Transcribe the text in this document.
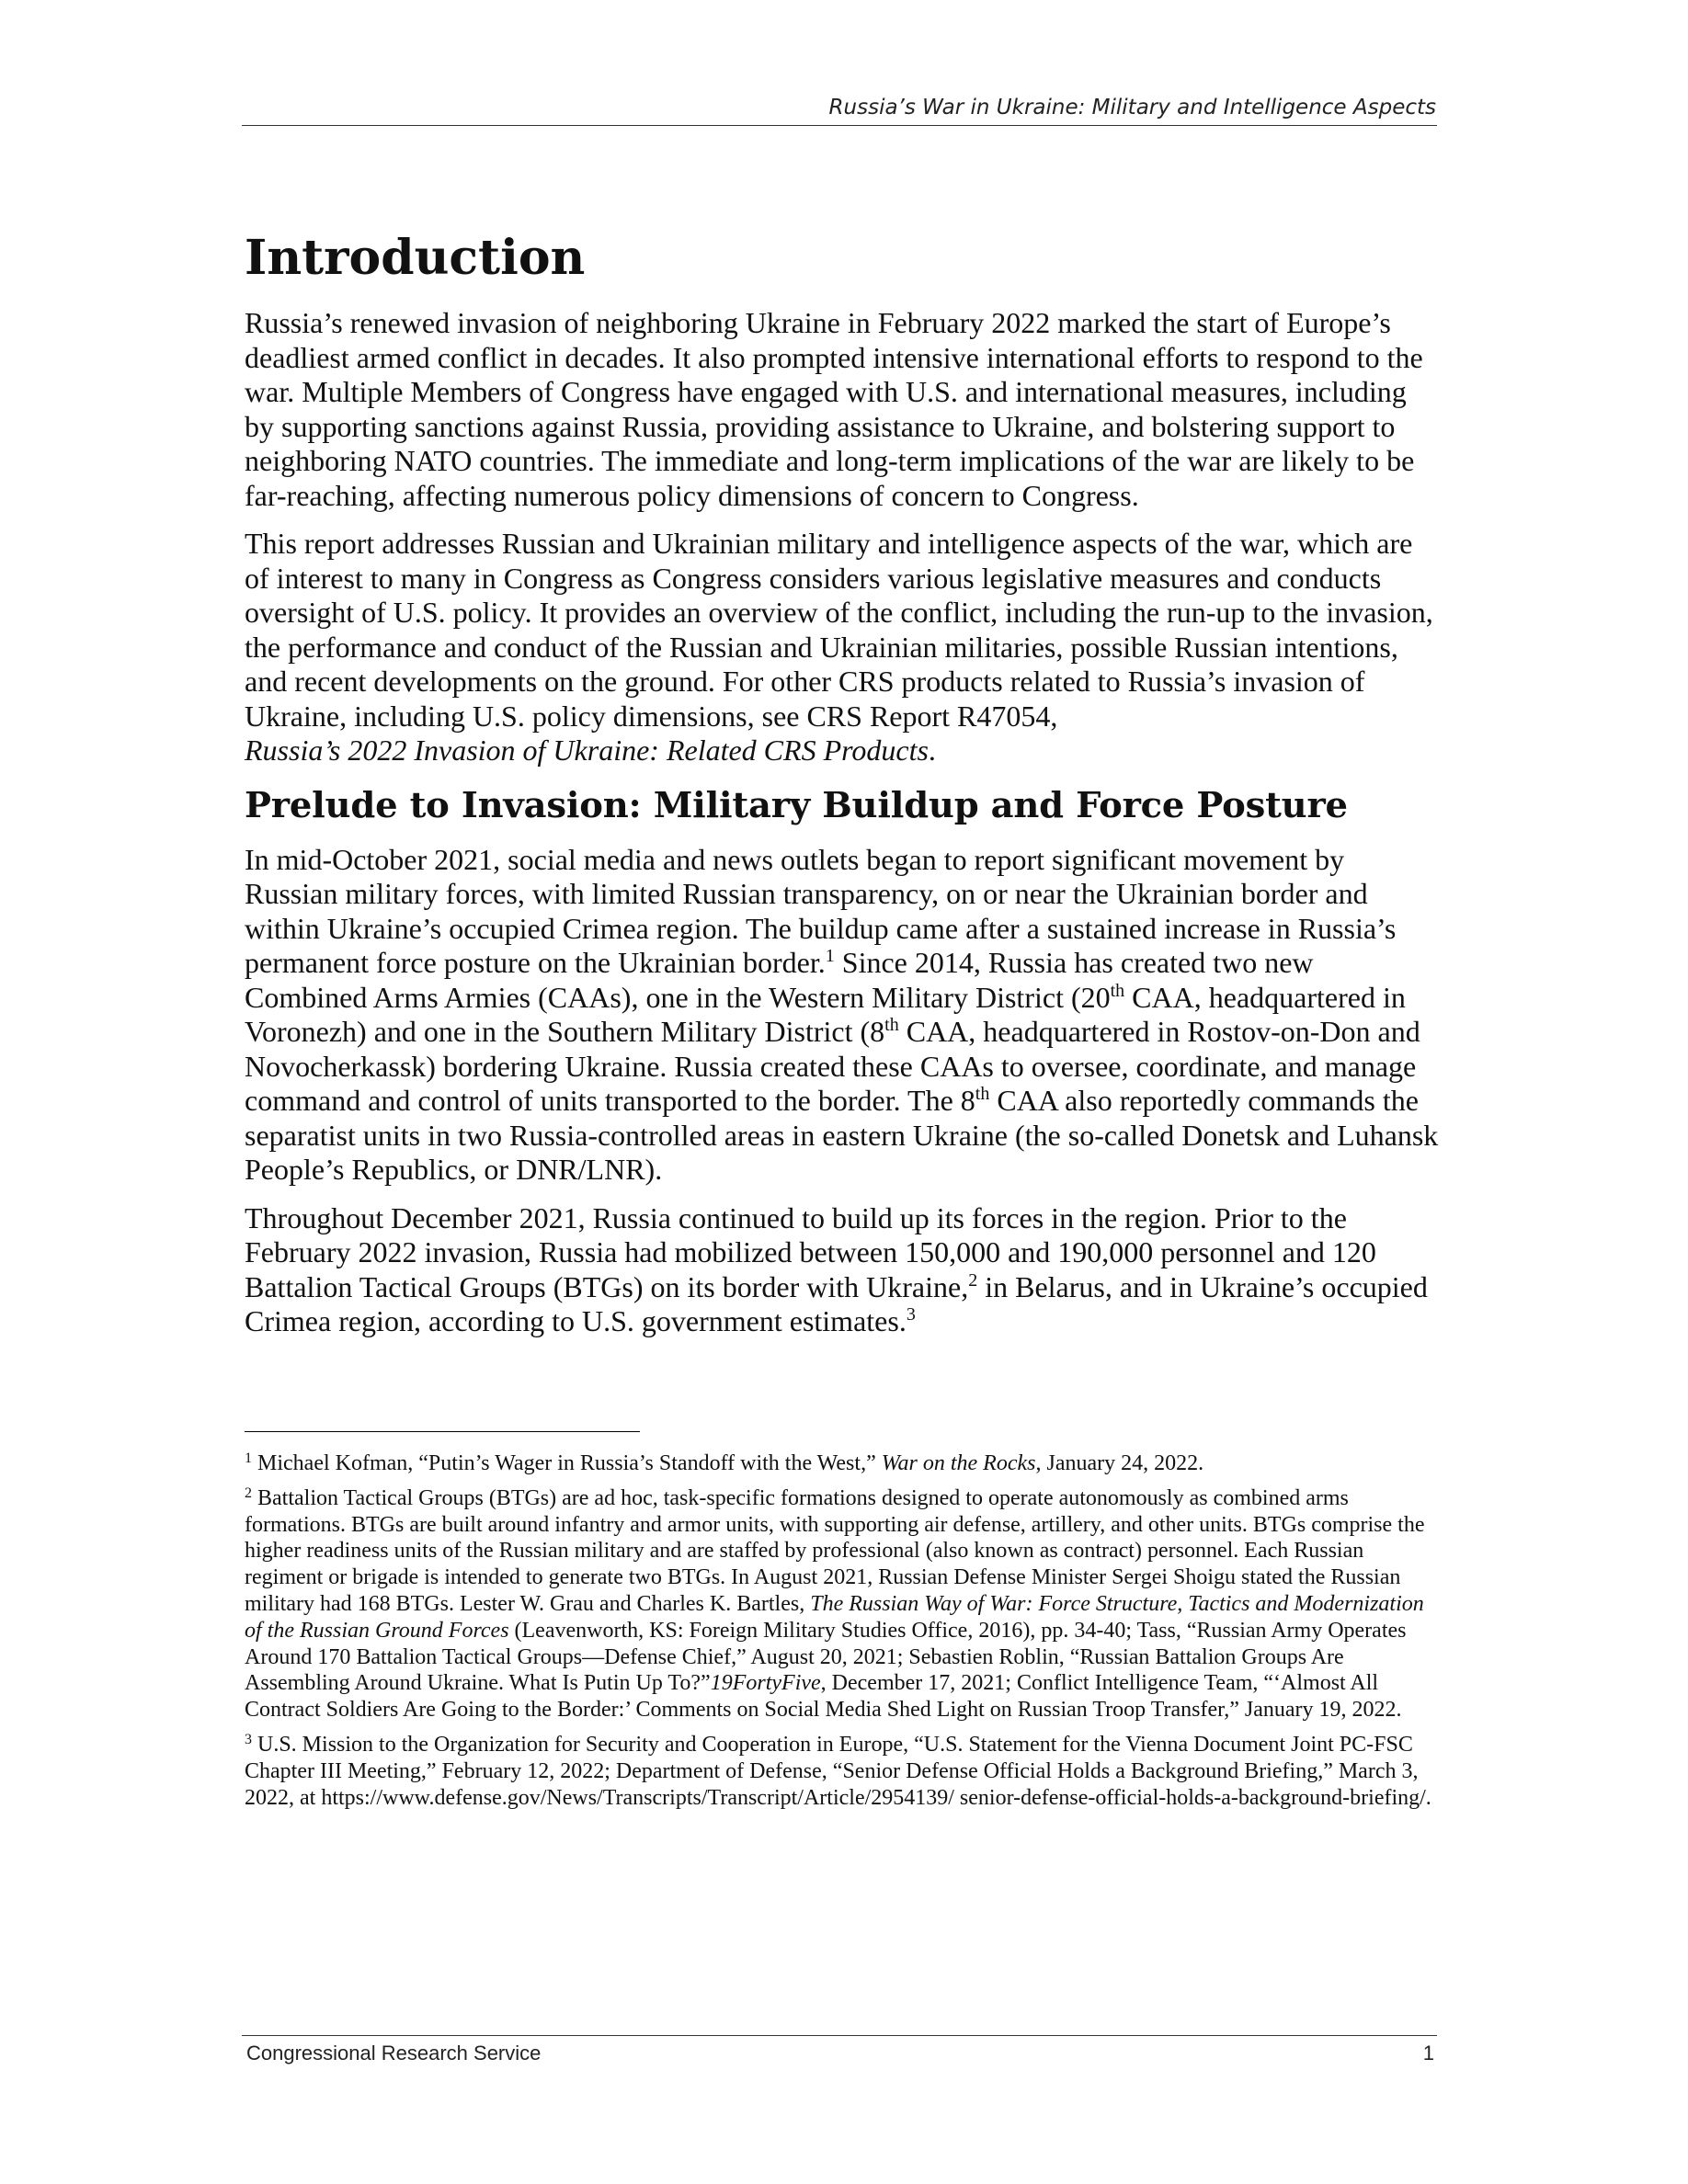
Russia’s War in Ukraine: Military and Intelligence Aspects
Introduction

Russia’s renewed invasion of neighboring Ukraine in February 2022 marked the start of Europe’s deadliest armed conflict in decades. It also prompted intensive international efforts to respond to the war. Multiple Members of Congress have engaged with U.S. and international measures, including by supporting sanctions against Russia, providing assistance to Ukraine, and bolstering support to neighboring NATO countries. The immediate and long-term implications of the war are likely to be far-reaching, affecting numerous policy dimensions of concern to Congress.

This report addresses Russian and Ukrainian military and intelligence aspects of the war, which are of interest to many in Congress as Congress considers various legislative measures and conducts oversight of U.S. policy. It provides an overview of the conflict, including the run-up to the invasion, the performance and conduct of the Russian and Ukrainian militaries, possible Russian intentions, and recent developments on the ground. For other CRS products related to Russia’s invasion of Ukraine, including U.S. policy dimensions, see CRS Report R47054,
Russia’s 2022 Invasion of Ukraine: Related CRS Products.

Prelude to Invasion: Military Buildup and Force Posture

In mid-October 2021, social media and news outlets began to report significant movement by Russian military forces, with limited Russian transparency, on or near the Ukrainian border and within Ukraine’s occupied Crimea region. The buildup came after a sustained increase in Russia’s permanent force posture on the Ukrainian border.$^1$ Since 2014, Russia has created two new Combined Arms Armies (CAAs), one in the Western Military District (20th CAA, headquartered in Voronezh) and one in the Southern Military District (8th CAA, headquartered in Rostov-on-Don and Novocherkassk) bordering Ukraine. Russia created these CAAs to oversee, coordinate, and manage command and control of units transported to the border. The 8th CAA also reportedly commands the separatist units in two Russia-controlled areas in eastern Ukraine (the so-called Donetsk and Luhansk People’s Republics, or DNR/LNR).

Throughout December 2021, Russia continued to build up its forces in the region. Prior to the February 2022 invasion, Russia had mobilized between 150,000 and 190,000 personnel and 120 Battalion Tactical Groups (BTGs) on its border with Ukraine,$^2$ in Belarus, and in Ukraine’s occupied Crimea region, according to U.S. government estimates.$^3$

$^1$ Michael Kofman, “Putin’s Wager in Russia’s Standoff with the West,” War on the Rocks, January 24, 2022.

$^2$ Battalion Tactical Groups (BTGs) are ad hoc, task-specific formations designed to operate autonomously as combined arms formations. BTGs are built around infantry and armor units, with supporting air defense, artillery, and other units. BTGs comprise the higher readiness units of the Russian military and are staffed by professional (also known as contract) personnel. Each Russian regiment or brigade is intended to generate two BTGs. In August 2021, Russian Defense Minister Sergei Shoigu stated the Russian military had 168 BTGs. Lester W. Grau and Charles K. Bartles, The Russian Way of War: Force Structure, Tactics and Modernization of the Russian Ground Forces (Leavenworth, KS: Foreign Military Studies Office, 2016), pp. 34-40; Tass, “Russian Army Operates Around 170 Battalion Tactical Groups—Defense Chief,” August 20, 2021; Sebastien Roblin, “Russian Battalion Groups Are Assembling Around Ukraine. What Is Putin Up To?”19FortyFive, December 17, 2021; Conflict Intelligence Team, “‘Almost All Contract Soldiers Are Going to the Border:’ Comments on Social Media Shed Light on Russian Troop Transfer,” January 19, 2022.

$^3$ U.S. Mission to the Organization for Security and Cooperation in Europe, “U.S. Statement for the Vienna Document Joint PC-FSC Chapter III Meeting,” February 12, 2022; Department of Defense, “Senior Defense Official Holds a Background Briefing,” March 3, 2022, at https://www.defense.gov/News/Transcripts/Transcript/Article/2954139/ senior-defense-official-holds-a-background-briefing/.

Congressional Research Service	1
